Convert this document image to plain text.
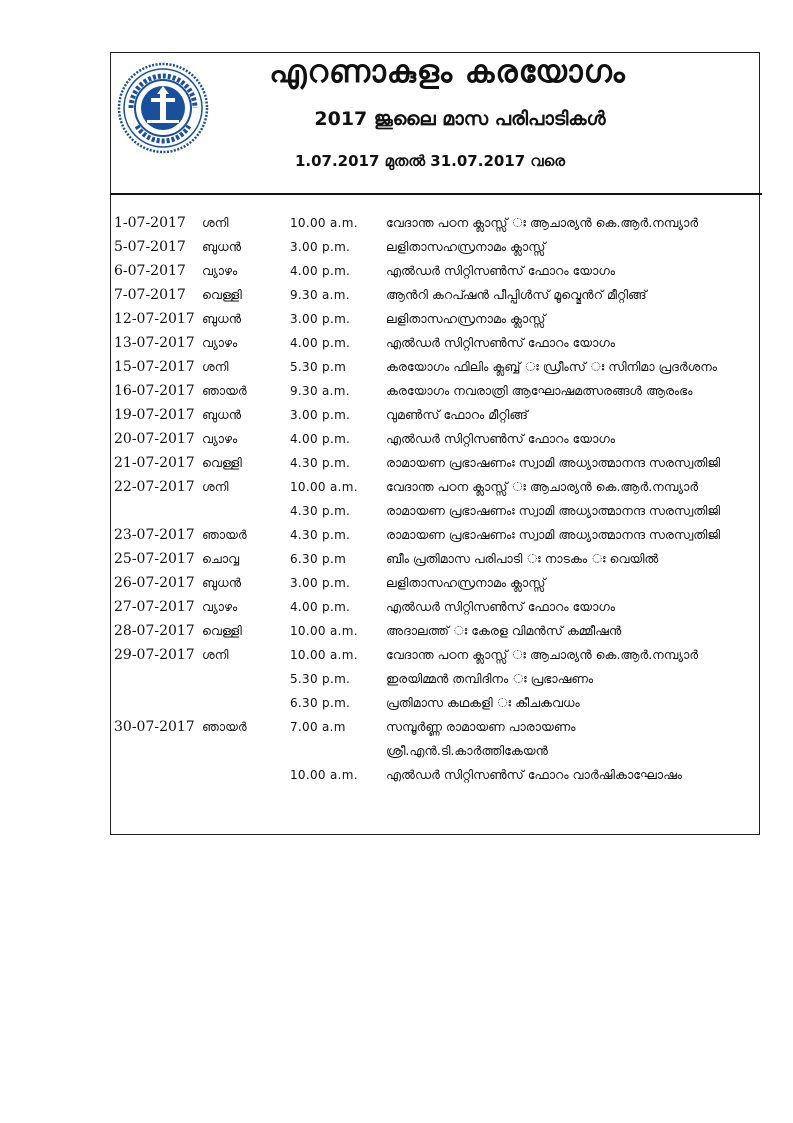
എറണാകുളം കരയോഗം
2017 ജൂലൈ മാസ പരിപാടികൾ
1.07.2017 മുതൽ 31.07.2017 വരെ
1-07-2017 ശനി	10.00 a.m. വേദാന്ത പഠന ക്ലാസ്സ് ഃ ആചാര്യൻ കെ.ആർ.നമ്പ്യാർ
5-07-2017 ബുധൻ	3.00 p.m.	ലളിതാസഹസ്രനാമം ക്ലാസ്സ്
6-07-2017 വ്യാഴം	4.00 p.m.	എൽഡർ സിറ്റിസൺസ് ഫോറം യോഗം
7-07-2017 വെള്ളി	9.30 a.m.	ആൻറി കറപ്ഷൻ പീപ്പിൾസ് മൂവ്മെൻറ് മീറ്റിങ്ങ്
12-07-2017 ബുധൻ	3.00 p.m.	ലളിതാസഹസ്രനാമം ക്ലാസ്സ്
13-07-2017 വ്യാഴം	4.00 p.m.	എൽഡർ സിറ്റിസൺസ് ഫോറം യോഗം
15-07-2017 ശനി	5.30 p.m	കരയോഗം ഫിലിം ക്ലബ്ബ് ഃ ഡ്രീംസ് ഃ സിനിമാ പ്രദർശനം
16-07-2017 ഞായർ	9.30 a.m.	കരയോഗം നവരാത്രി ആഘോഷമത്സരങ്ങൾ ആരംഭം
19-07-2017 ബുധൻ	3.00 p.m.	വുമൺസ് ഫോറം മീറ്റിങ്ങ്
20-07-2017 വ്യാഴം	4.00 p.m.	എൽഡർ സിറ്റിസൺസ് ഫോറം യോഗം
21-07-2017 വെള്ളി	4.30 p.m.	രാമായണ പ്രഭാഷണംഃ സ്വാമി അധ്യാത്മാനന്ദ സരസ്വതിജി
22-07-2017 ശനി	10.00 a.m. വേദാന്ത പഠന ക്ലാസ്സ് ഃ ആചാര്യൻ കെ.ആർ.നമ്പ്യാർ
4.30 p.m.	രാമായണ പ്രഭാഷണംഃ സ്വാമി അധ്യാത്മാനന്ദ സരസ്വതിജി
23-07-2017 ഞായർ	4.30 p.m.	രാമായണ പ്രഭാഷണംഃ സ്വാമി അധ്യാത്മാനന്ദ സരസ്വതിജി
25-07-2017 ചൊവ്വ	6.30 p.m	ബീം പ്രതിമാസ പരിപാടി ഃ നാടകം ഃ വെയിൽ
26-07-2017 ബുധൻ	3.00 p.m.	ലളിതാസഹസ്രനാമം ക്ലാസ്സ്
27-07-2017 വ്യാഴം	4.00 p.m.	എൽഡർ സിറ്റിസൺസ് ഫോറം യോഗം
28-07-2017 വെള്ളി	10.00 a.m. അദാലത്ത് ഃ കേരള വിമൻസ് കമ്മീഷൻ
29-07-2017 ശനി	10.00 a.m. വേദാന്ത പഠന ക്ലാസ്സ് ഃ ആചാര്യൻ കെ.ആർ.നമ്പ്യാർ
5.30 p.m.	ഇരയിമ്മൻ തമ്പിദിനം ഃ പ്രഭാഷണം
6.30 p.m.	പ്രതിമാസ കഥകളി ഃ കീചകവധം
30-07-2017 ഞായർ	7.00 a.m	സമ്പൂർണ്ണ രാമായണ പാരായണം
ശ്രീ.എൻ.ടി.കാർത്തികേയൻ
10.00 a.m. എൽഡർ സിറ്റിസൺസ് ഫോറം വാർഷികാഘോഷം
